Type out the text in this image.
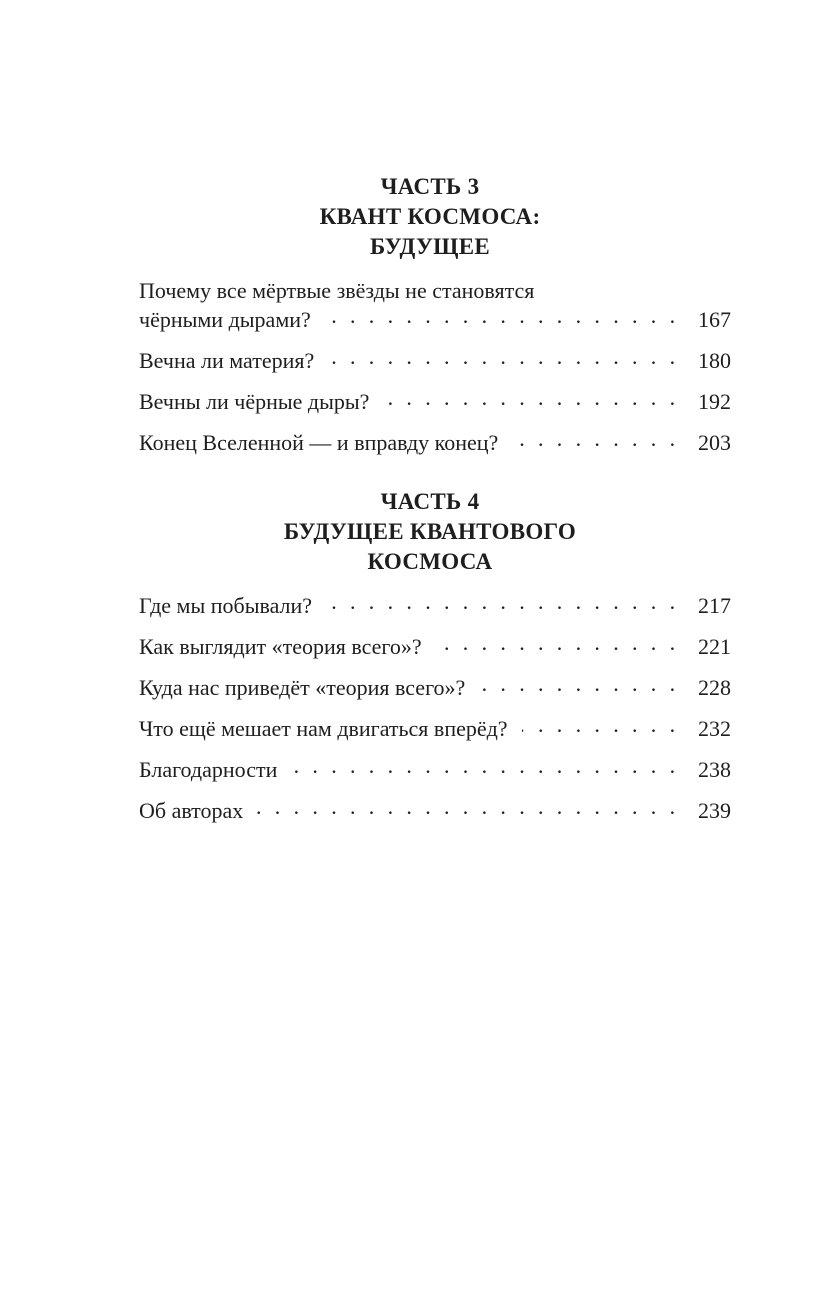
ЧАСТЬ 3
КВАНТ КОСМОСА:
БУДУЩЕЕ
Почему все мёртвые звёзды не становятся
чёрными дырами? . . .	167
Вечна ли материя? . . .	180
Вечны ли чёрные дыры? . . .	192
Конец Вселенной — и вправду конец? . . .	203
ЧАСТЬ 4
БУДУЩЕЕ КВАНТОВОГО
КОСМОСА
Где мы побывали? . . .	217
Как выглядит «теория всего»? . . .	221
Куда нас приведёт «теория всего»? . . .	228
Что ещё мешает нам двигаться вперёд? . . .	232
Благодарности . . .	238
Об авторах . . .	239
